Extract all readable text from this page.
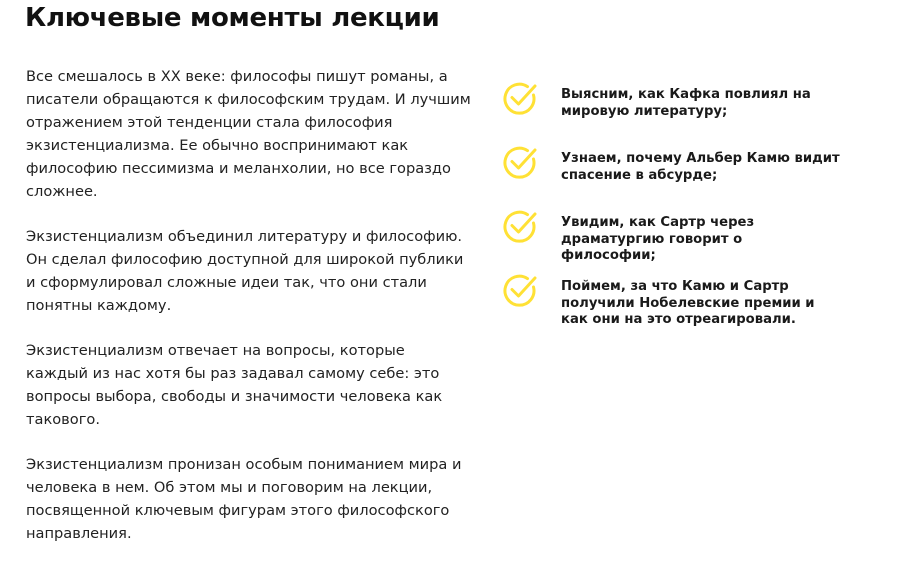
Ключевые моменты лекции

Все смешалось в XX веке: философы пишут романы, а
писатели обращаются к философским трудам. И лучшим
отражением этой тенденции стала философия
экзистенциализма. Ее обычно воспринимают как
философию пессимизма и меланхолии, но все гораздо
сложнее.

Экзистенциализм объединил литературу и философию.
Он сделал философию доступной для широкой публики
и сформулировал сложные идеи так, что они стали
понятны каждому.

Экзистенциализм отвечает на вопросы, которые
каждый из нас хотя бы раз задавал самому себе: это
вопросы выбора, свободы и значимости человека как
такового.

Экзистенциализм пронизан особым пониманием мира и
человека в нем. Об этом мы и поговорим на лекции,
посвященной ключевым фигурам этого философского
направления.

Выясним, как Кафка повлиял на
мировую литературу;

Узнаем, почему Альбер Камю видит
спасение в абсурде;

Увидим, как Сартр через
драматургию говорит о
философии;

Поймем, за что Камю и Сартр
получили Нобелевские премии и
как они на это отреагировали.
